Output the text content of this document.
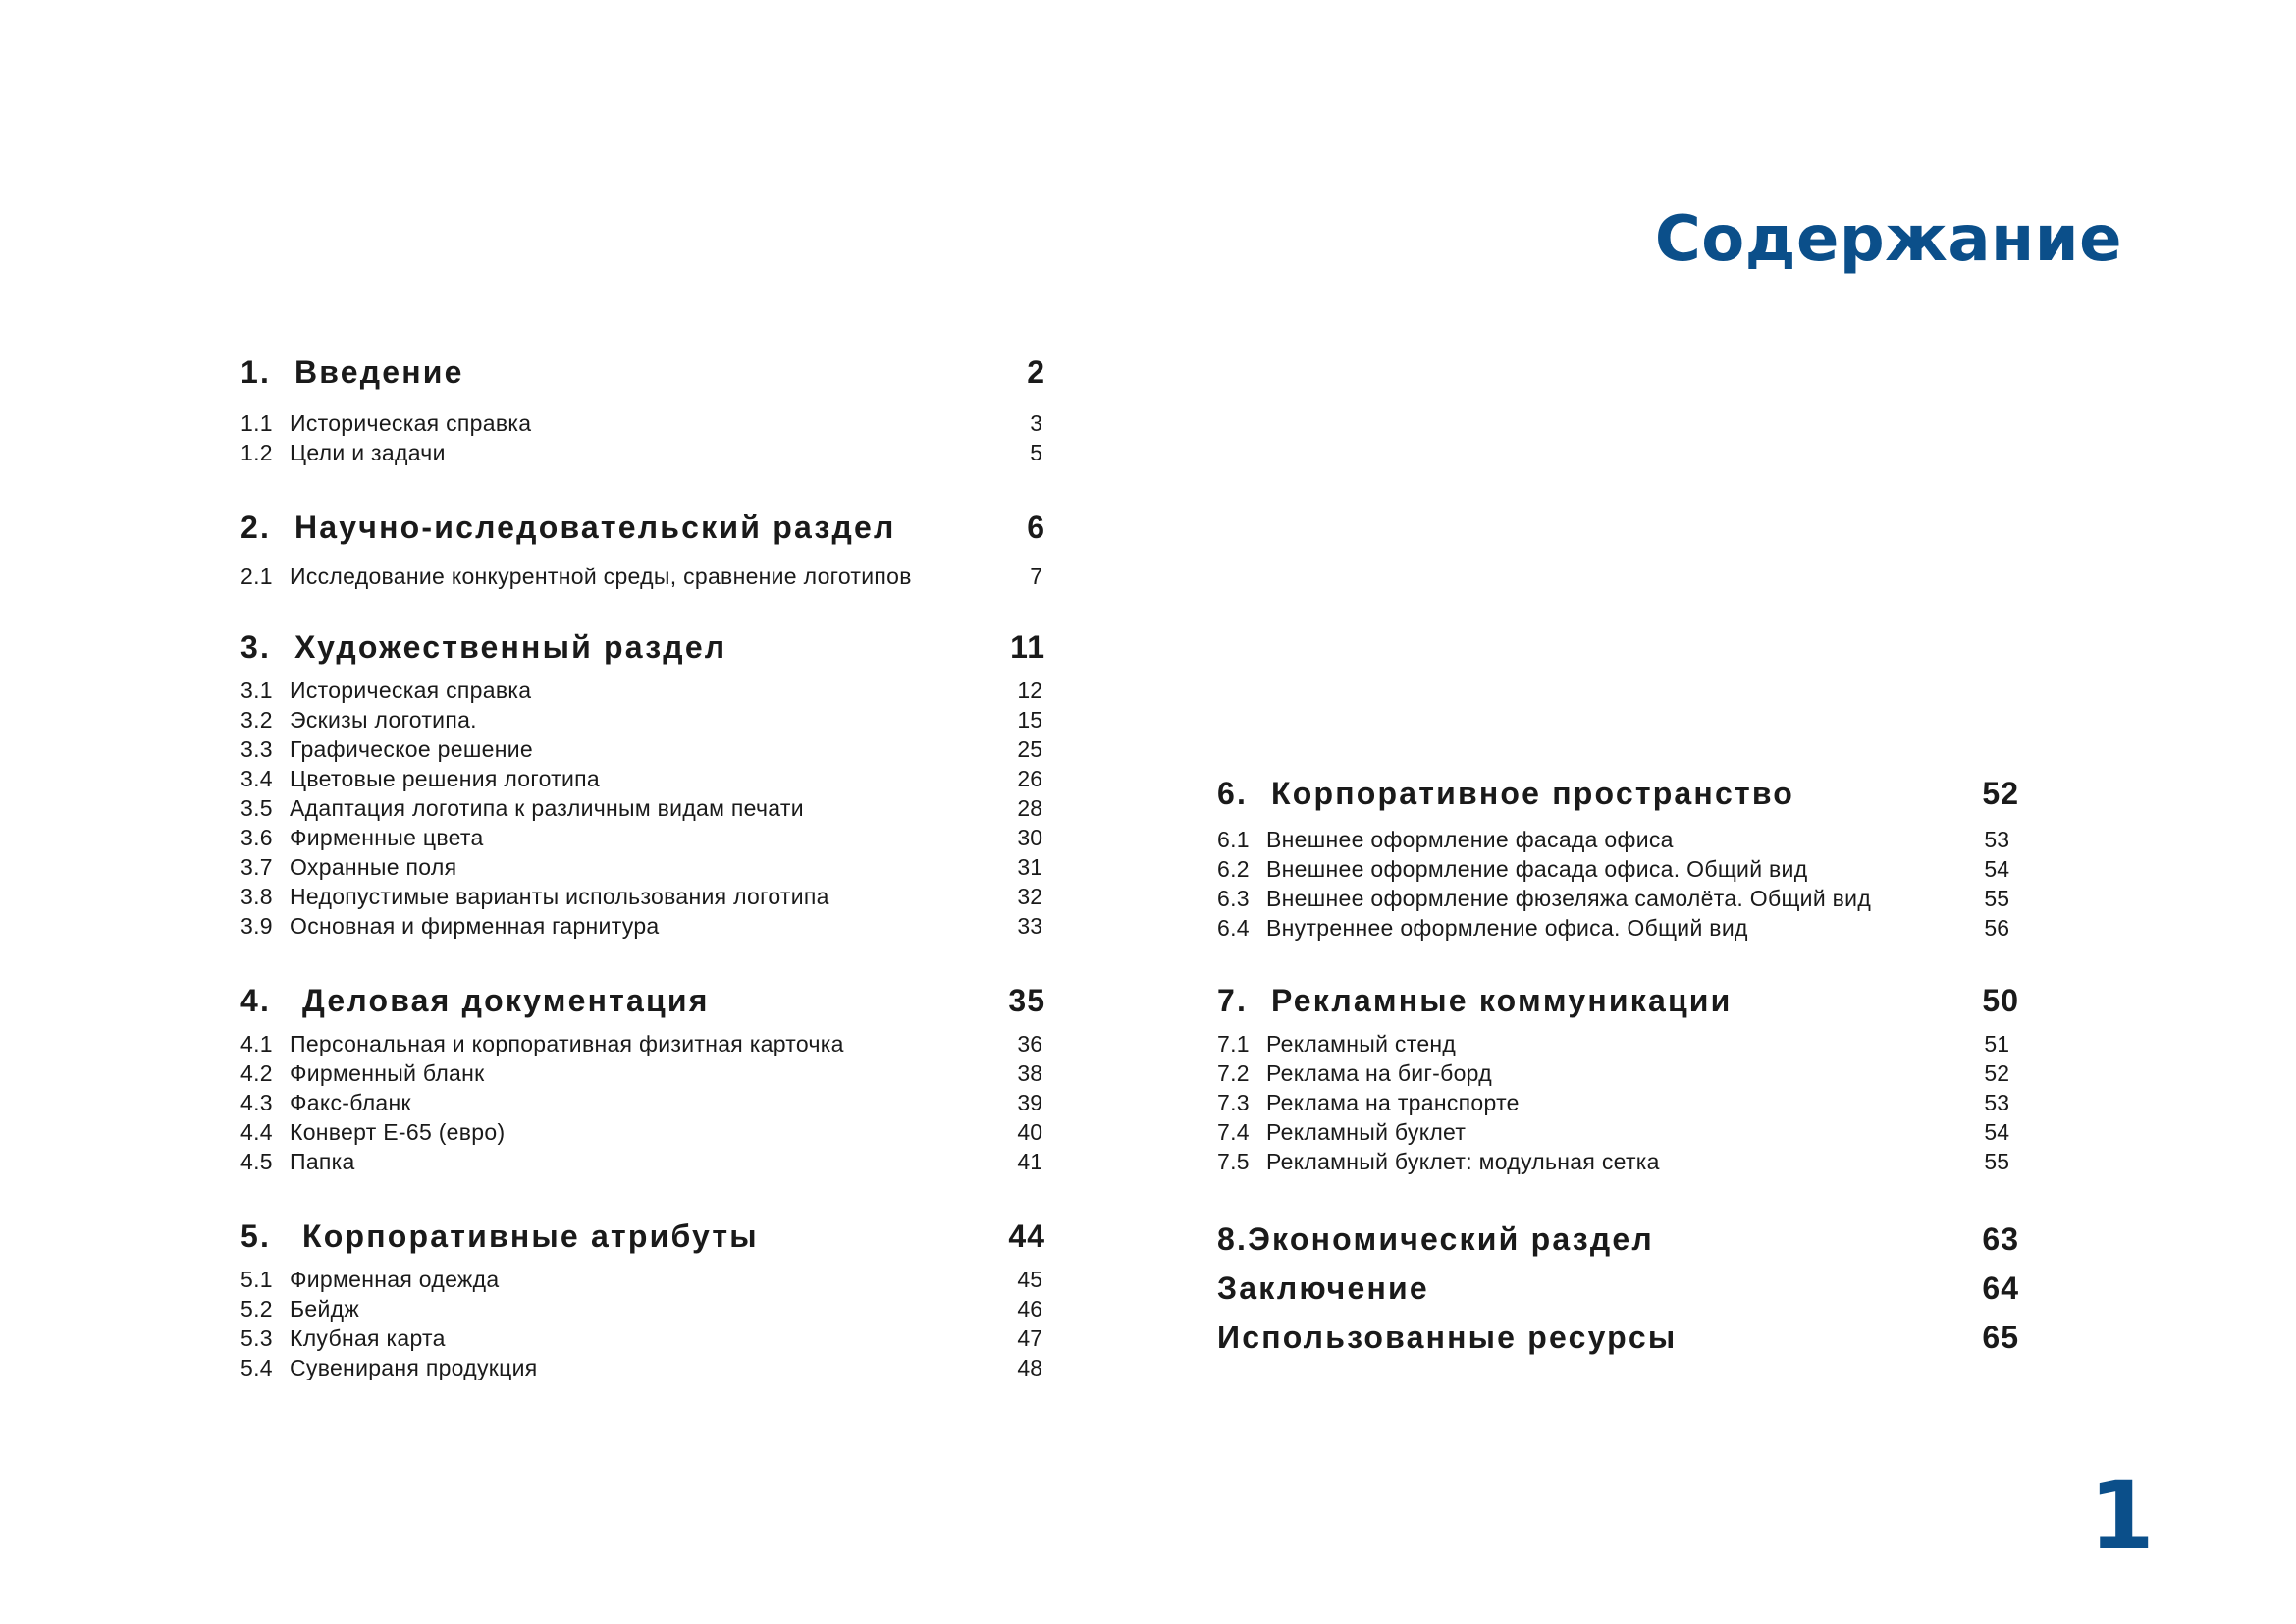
Содержание
1. Введение	2
1.1 Историческая справка	3
1.2 Цели и задачи	5
2. Научно-иследовательский раздел	6
2.1 Исследование конкурентной среды, сравнение логотипов	7
3. Художественный раздел	11
3.1 Историческая справка	12
3.2 Эскизы логотипа.	15
3.3 Графическое решение	25
3.4 Цветовые решения логотипа	26
3.5 Адаптация логотипа к различным видам печати	28
3.6 Фирменные цвета	30
3.7 Охранные поля	31
3.8 Недопустимые варианты использования логотипа	32
3.9 Основная и фирменная гарнитура	33
4. Деловая документация	35
4.1 Персональная и корпоративная физитная карточка	36
4.2 Фирменный бланк	38
4.3 Факс-бланк	39
4.4 Конверт Е-65 (евро)	40
4.5 Папка	41
5. Корпоративные атрибуты	44
5.1 Фирменная одежда	45
5.2 Бейдж	46
5.3 Клубная карта	47
5.4 Сувенираня продукция	48
6. Корпоративное пространство	52
6.1 Внешнее оформление фасада офиса	53
6.2 Внешнее оформление фасада офиса. Общий вид	54
6.3 Внешнее оформление фюзеляжа самолёта. Общий вид	55
6.4 Внутреннее оформление офиса. Общий вид	56
7. Рекламные коммуникации	50
7.1 Рекламный стенд	51
7.2 Реклама на биг-борд	52
7.3 Реклама на транспорте	53
7.4 Рекламный буклет	54
7.5 Рекламный буклет: модульная сетка	55
8.Экономический раздел	63
Заключение	64
Использованные ресурсы	65
1
